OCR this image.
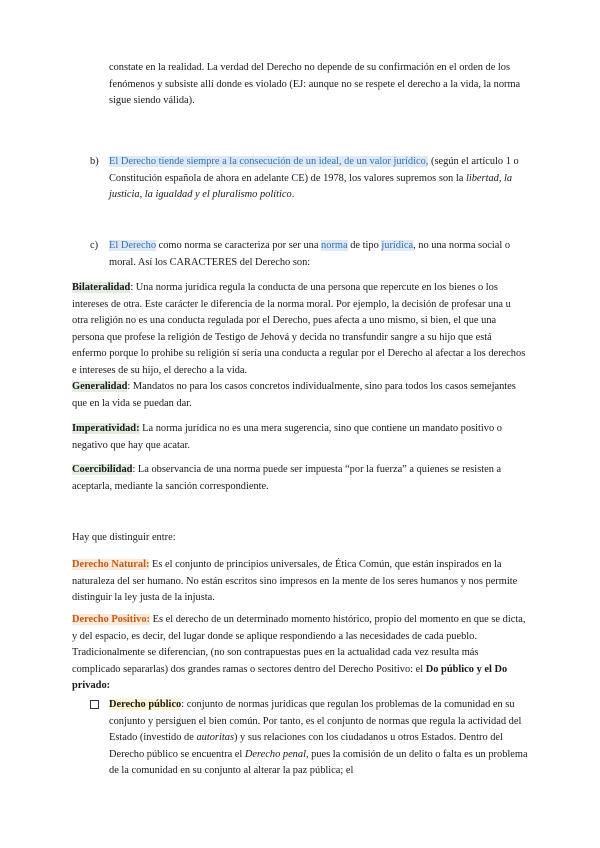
constate en la realidad. La verdad del Derecho no depende de su confirmación en el orden de los fenómenos y subsiste allí donde es violado (EJ: aunque no se respete el derecho a la vida, la norma sigue siendo válida).

b) El Derecho tiende siempre a la consecución de un ideal, de un valor jurídico, (según el artículo 1 o Constitución española de ahora en adelante CE) de 1978, los valores supremos son la libertad, la justicia, la igualdad y el pluralismo político.

c) El Derecho como norma se caracteriza por ser una norma de tipo jurídica, no una norma social o moral. Así los CARACTERES del Derecho son:

Bilateralidad: Una norma jurídica regula la conducta de una persona que repercute en los bienes o los intereses de otra. Este carácter le diferencia de la norma moral. Por ejemplo, la decisión de profesar una u otra religión no es una conducta regulada por el Derecho, pues afecta a uno mismo, si bien, el que una persona que profese la religión de Testigo de Jehová y decida no transfundir sangre a su hijo que está enfermo porque lo prohibe su religión sí sería una conducta a regular por el Derecho al afectar a los derechos e intereses de su hijo, el derecho a la vida.

Generalidad: Mandatos no para los casos concretos individualmente, sino para todos los casos semejantes que en la vida se puedan dar.

Imperatividad: La norma jurídica no es una mera sugerencia, sino que contiene un mandato positivo o negativo que hay que acatar.

Coercibilidad: La observancia de una norma puede ser impuesta “por la fuerza” a quienes se resisten a aceptarla, mediante la sanción correspondiente.

Hay que distinguir entre:

Derecho Natural: Es el conjunto de principios universales, de Ética Común, que están inspirados en la naturaleza del ser humano. No están escritos sino impresos en la mente de los seres humanos y nos permite distinguir la ley justa de la injusta.

Derecho Positivo: Es el derecho de un determinado momento histórico, propio del momento en que se dicta, y del espacio, es decir, del lugar donde se aplique respondiendo a las necesidades de cada pueblo. Tradicionalmente se diferencian, (no son contrapuestas pues en la actualidad cada vez resulta más complicado separarlas) dos grandes ramas o sectores dentro del Derecho Positivo: el Do público y el Do privado:

Derecho público: conjunto de normas jurídicas que regulan los problemas de la comunidad en su conjunto y persiguen el bien común. Por tanto, es el conjunto de normas que regula la actividad del Estado (investido de autoritas) y sus relaciones con los ciudadanos u otros Estados. Dentro del Derecho público se encuentra el Derecho penal, pues la comisión de un delito o falta es un problema de la comunidad en su conjunto al alterar la paz pública; el
